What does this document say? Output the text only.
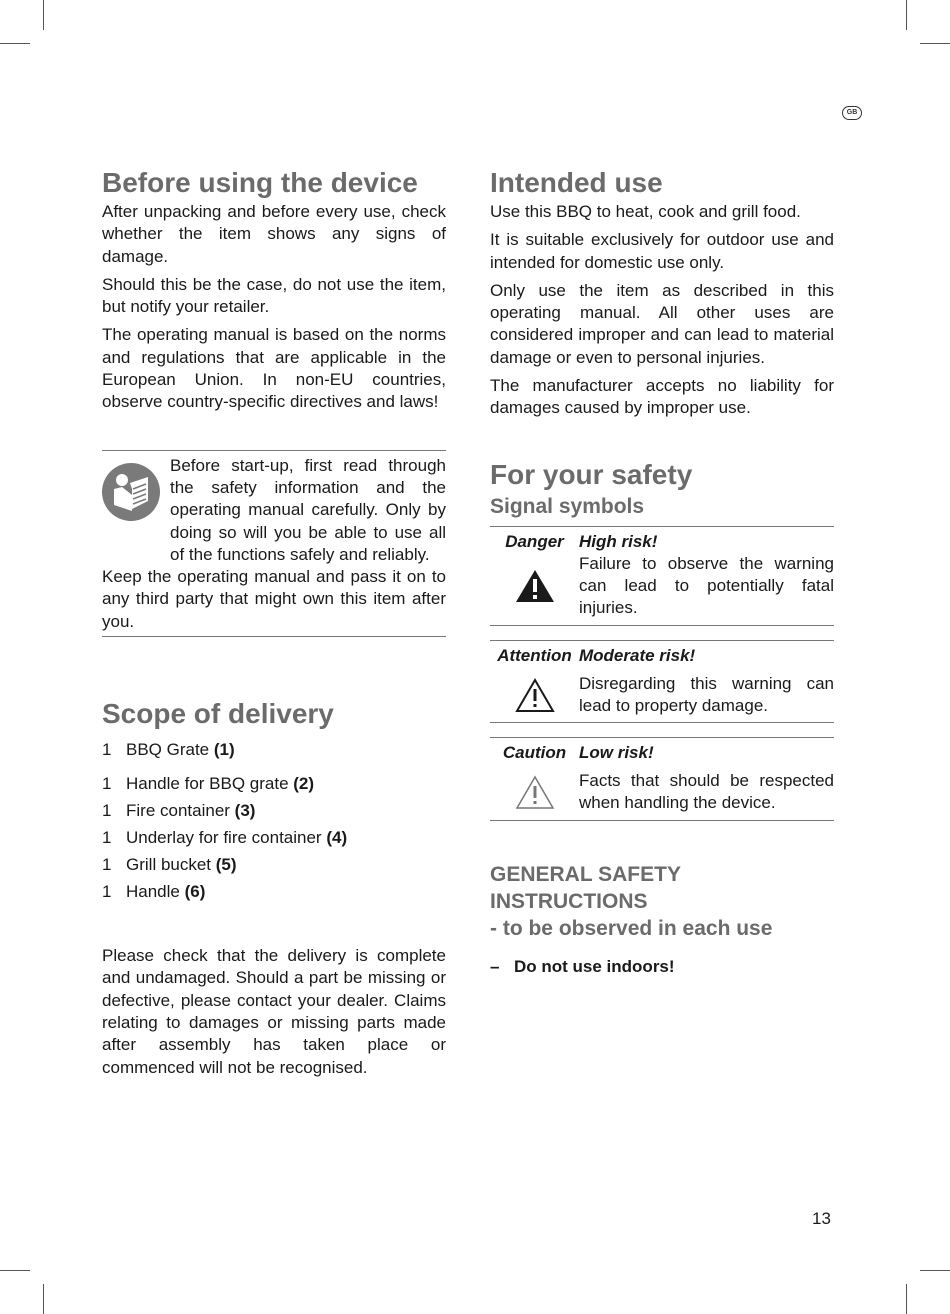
GB
Before using the device

After unpacking and before every use, check whether the item shows any signs of damage.

Should this be the case, do not use the item, but notify your retailer.

The operating manual is based on the norms and regulations that are applicable in the European Union. In non-EU countries, observe country-specific directives and laws!

Before start-up, first read through the safety information and the operating manual carefully. Only by doing so will you be able to use all of the functions safely and reliably.

Keep the operating manual and pass it on to any third party that might own this item after you.

Scope of delivery
1 BBQ Grate (1)
1 Handle for BBQ grate (2)
1 Fire container (3)
1 Underlay for fire container (4)
1 Grill bucket (5)
1 Handle (6)

Please check that the delivery is complete and undamaged. Should a part be missing or defective, please contact your dealer. Claims relating to damages or missing parts made after assembly has taken place or commenced will not be recognised.

Intended use

Use this BBQ to heat, cook and grill food.

It is suitable exclusively for outdoor use and intended for domestic use only.

Only use the item as described in this operating manual. All other uses are considered improper and can lead to material damage or even to personal injuries.

The manufacturer accepts no liability for damages caused by improper use.

For your safety
Signal symbols
Danger High risk!

Failure to observe the warning can lead to potentially fatal injuries.

Attention Moderate risk!

Disregarding this warning can lead to property damage.

Caution Low risk!

Facts that should be respected when handling the device.

GENERAL SAFETY
INSTRUCTIONS
- to be observed in each use
– Do not use indoors!
13
